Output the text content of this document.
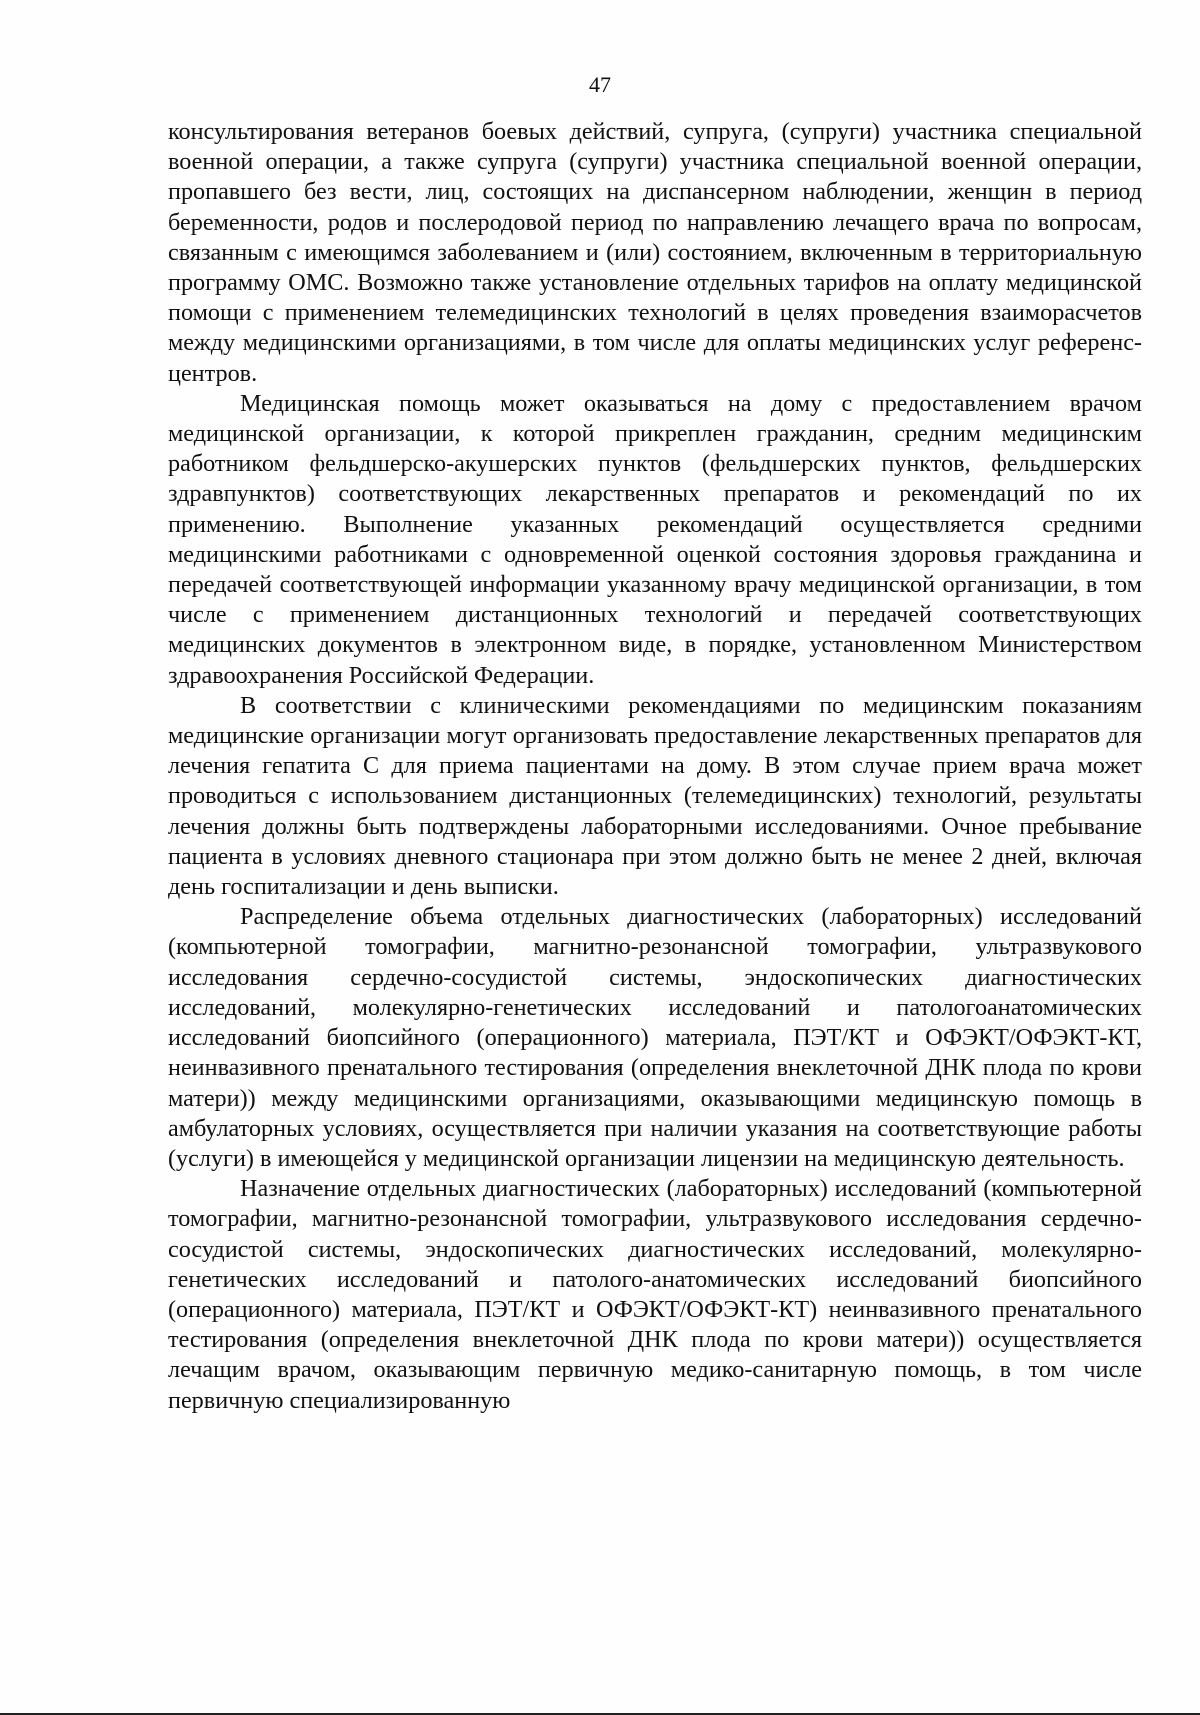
47

консультирования ветеранов боевых действий, супруга, (супруги) участника специальной военной операции, а также супруга (супруги) участника специальной военной операции, пропавшего без вести, лиц, состоящих на диспансерном наблюдении, женщин в период беременности, родов и послеродовой период по направлению лечащего врача по вопросам, связанным с имеющимся заболеванием и (или) состоянием, включенным в территориальную программу ОМС. Возможно также установление отдельных тарифов на оплату медицинской помощи с применением телемедицинских технологий в целях проведения взаиморасчетов между медицинскими организациями, в том числе для оплаты медицинских услуг референс-центров.

Медицинская помощь может оказываться на дому с предоставлением врачом медицинской организации, к которой прикреплен гражданин, средним медицинским работником фельдшерско-акушерских пунктов (фельдшерских пунктов, фельдшерских здравпунктов) соответствующих лекарственных препаратов и рекомендаций по их применению. Выполнение указанных рекомендаций осуществляется средними медицинскими работниками с одновременной оценкой состояния здоровья гражданина и передачей соответствующей информации указанному врачу медицинской организации, в том числе с применением дистанционных технологий и передачей соответствующих медицинских документов в электронном виде, в порядке, установленном Министерством здравоохранения Российской Федерации.

В соответствии с клиническими рекомендациями по медицинским показаниям медицинские организации могут организовать предоставление лекарственных препаратов для лечения гепатита С для приема пациентами на дому. В этом случае прием врача может проводиться с использованием дистанционных (телемедицинских) технологий, результаты лечения должны быть подтверждены лабораторными исследованиями. Очное пребывание пациента в условиях дневного стационара при этом должно быть не менее 2 дней, включая день госпитализации и день выписки.

Распределение объема отдельных диагностических (лабораторных) исследований (компьютерной томографии, магнитно-резонансной томографии, ультразвукового исследования сердечно-сосудистой системы, эндоскопических диагностических исследований, молекулярно-генетических исследований и патологоанатомических исследований биопсийного (операционного) материала, ПЭТ/КТ и ОФЭКТ/ОФЭКТ-КТ, неинвазивного пренатального тестирования (определения внеклеточной ДНК плода по крови матери)) между медицинскими организациями, оказывающими медицинскую помощь в амбулаторных условиях, осуществляется при наличии указания на соответствующие работы (услуги) в имеющейся у медицинской организации лицензии на медицинскую деятельность.

Назначение отдельных диагностических (лабораторных) исследований (компьютерной томографии, магнитно-резонансной томографии, ультразвукового исследования сердечно-сосудистой системы, эндоскопических диагностических исследований, молекулярно-генетических исследований и патолого-анатомических исследований биопсийного (операционного) материала, ПЭТ/КТ и ОФЭКТ/ОФЭКТ-КТ) неинвазивного пренатального тестирования (определения внеклеточной ДНК плода по крови матери)) осуществляется лечащим врачом, оказывающим первичную медико-санитарную помощь, в том числе первичную специализированную
